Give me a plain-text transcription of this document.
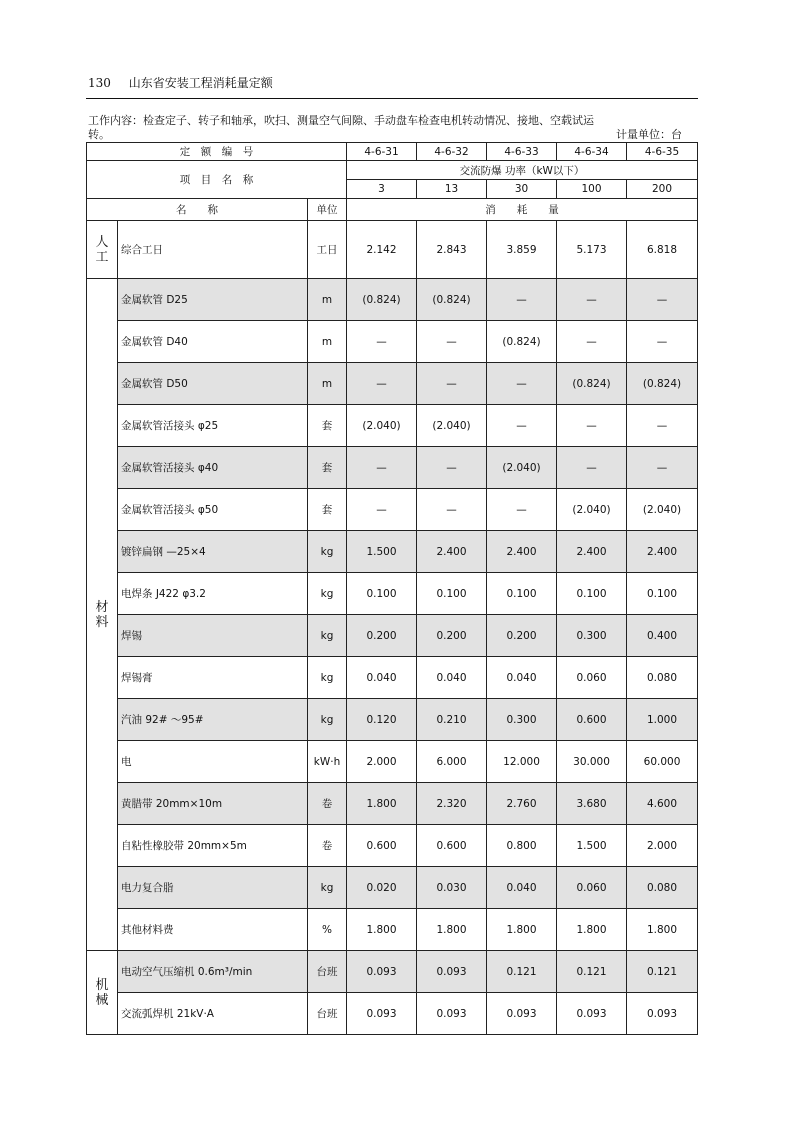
130 山东省安装工程消耗量定额
工作内容：检查定子、转子和轴承，吹扫、测量空气间隙、手动盘车检查电机转动情况、接地、空载试运转。	计量单位：台
定　额　编　号			4-6-31	4-6-32	4-6-33	4-6-34	4-6-35
项　目　名　称			交流防爆 功率（kW以下）				
			3	13	30	100	200
名　　称		单位	消　　耗　　量				

人
工	综合工日	工日	2.142	2.843	3.859	5.173	6.818

材
料	金属软管 D25	m	(0.824)	(0.824)	—	—	—
	金属软管 D40	m	—	—	(0.824)	—	—
	金属软管 D50	m	—	—	—	(0.824)	(0.824)
	金属软管活接头 φ25	套	(2.040)	(2.040)	—	—	—
	金属软管活接头 φ40	套	—	—	(2.040)	—	—
	金属软管活接头 φ50	套	—	—	—	(2.040)	(2.040)
	镀锌扁钢 —25×4	kg	1.500	2.400	2.400	2.400	2.400
	电焊条 J422 φ3.2	kg	0.100	0.100	0.100	0.100	0.100
	焊锡	kg	0.200	0.200	0.200	0.300	0.400
	焊锡膏	kg	0.040	0.040	0.040	0.060	0.080
	汽油 92# ～95#	kg	0.120	0.210	0.300	0.600	1.000
	电	kW·h	2.000	6.000	12.000	30.000	60.000
	黄腊带 20mm×10m	卷	1.800	2.320	2.760	3.680	4.600
	自粘性橡胶带 20mm×5m	卷	0.600	0.600	0.800	1.500	2.000
	电力复合脂	kg	0.020	0.030	0.040	0.060	0.080
	其他材料费	%	1.800	1.800	1.800	1.800	1.800

机
械	电动空气压缩机 0.6m³/min	台班	0.093	0.093	0.121	0.121	0.121
	交流弧焊机 21kV·A	台班	0.093	0.093	0.093	0.093	0.093
